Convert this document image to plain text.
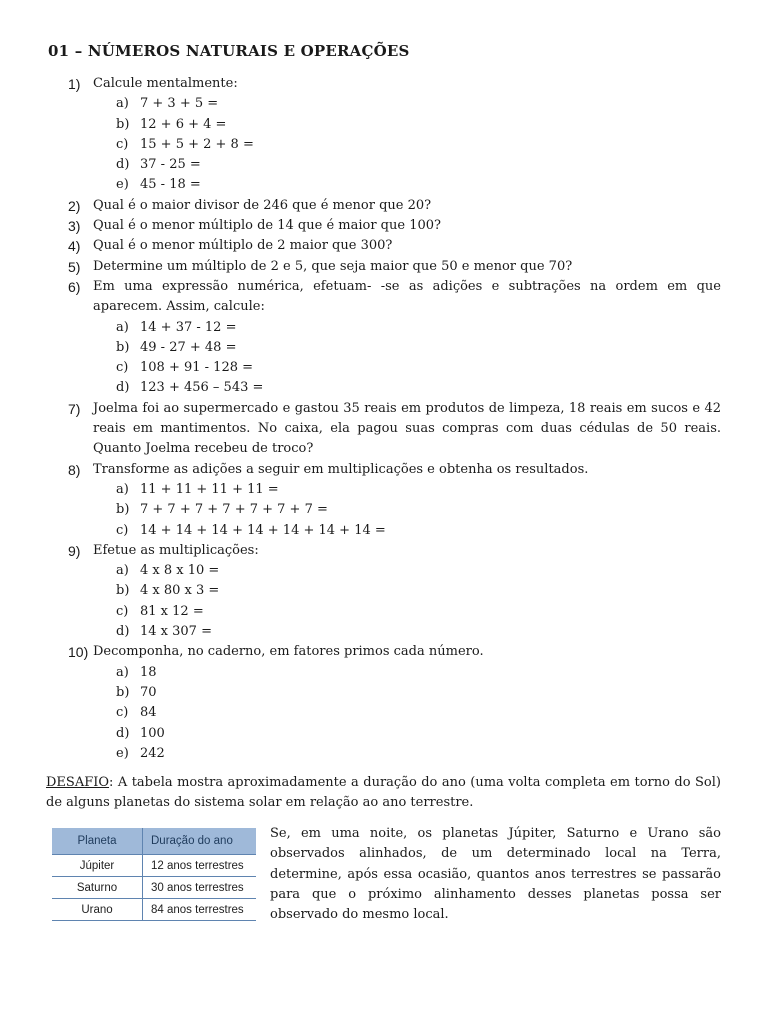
01 – NÚMEROS NATURAIS E OPERAÇÕES
1) Calcule mentalmente:
a) 7 + 3 + 5 =
b) 12 + 6 + 4 =
c) 15 + 5 + 2 + 8 =
d) 37 - 25 =
e) 45 - 18 =
2) Qual é o maior divisor de 246 que é menor que 20?
3) Qual é o menor múltiplo de 14 que é maior que 100?
4) Qual é o menor múltiplo de 2 maior que 300?
5) Determine um múltiplo de 2 e 5, que seja maior que 50 e menor que 70?
6) Em uma expressão numérica, efetuam- -se as adições e subtrações na ordem em que aparecem. Assim, calcule:
a) 14 + 37 - 12 =
b) 49 - 27 + 48 =
c) 108 + 91 - 128 =
d) 123 + 456 – 543 =
7) Joelma foi ao supermercado e gastou 35 reais em produtos de limpeza, 18 reais em sucos e 42 reais em mantimentos. No caixa, ela pagou suas compras com duas cédulas de 50 reais. Quanto Joelma recebeu de troco?
8) Transforme as adições a seguir em multiplicações e obtenha os resultados.
a) 11 + 11 + 11 + 11 =
b) 7 + 7 + 7 + 7 + 7 + 7 + 7 =
c) 14 + 14 + 14 + 14 + 14 + 14 + 14 =
9) Efetue as multiplicações:
a) 4 x 8 x 10 =
b) 4 x 80 x 3 =
c) 81 x 12 =
d) 14 x 307 =
10) Decomponha, no caderno, em fatores primos cada número.
a) 18
b) 70
c) 84
d) 100
e) 242
DESAFIO: A tabela mostra aproximadamente a duração do ano (uma volta completa em torno do Sol) de alguns planetas do sistema solar em relação ao ano terrestre.
Planeta	Duração do ano
Júpiter	12 anos terrestres
Saturno	30 anos terrestres
Urano	84 anos terrestres
Se, em uma noite, os planetas Júpiter, Saturno e Urano são observados alinhados, de um determinado local na Terra, determine, após essa ocasião, quantos anos terrestres se passarão para que o próximo alinhamento desses planetas possa ser observado do mesmo local.
